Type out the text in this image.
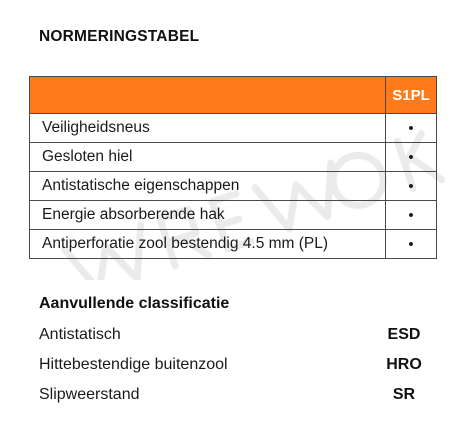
NORMERINGSTABEL
	S1PL
Veiligheidsneus	•
Gesloten hiel	•
Antistatische eigenschappen	•
Energie absorberende hak	•
Antiperforatie zool bestendig 4.5 mm (PL)	•
Aanvullende classificatie
Antistatisch	ESD
Hittebestendige buitenzool	HRO
Slipweerstand	SR
